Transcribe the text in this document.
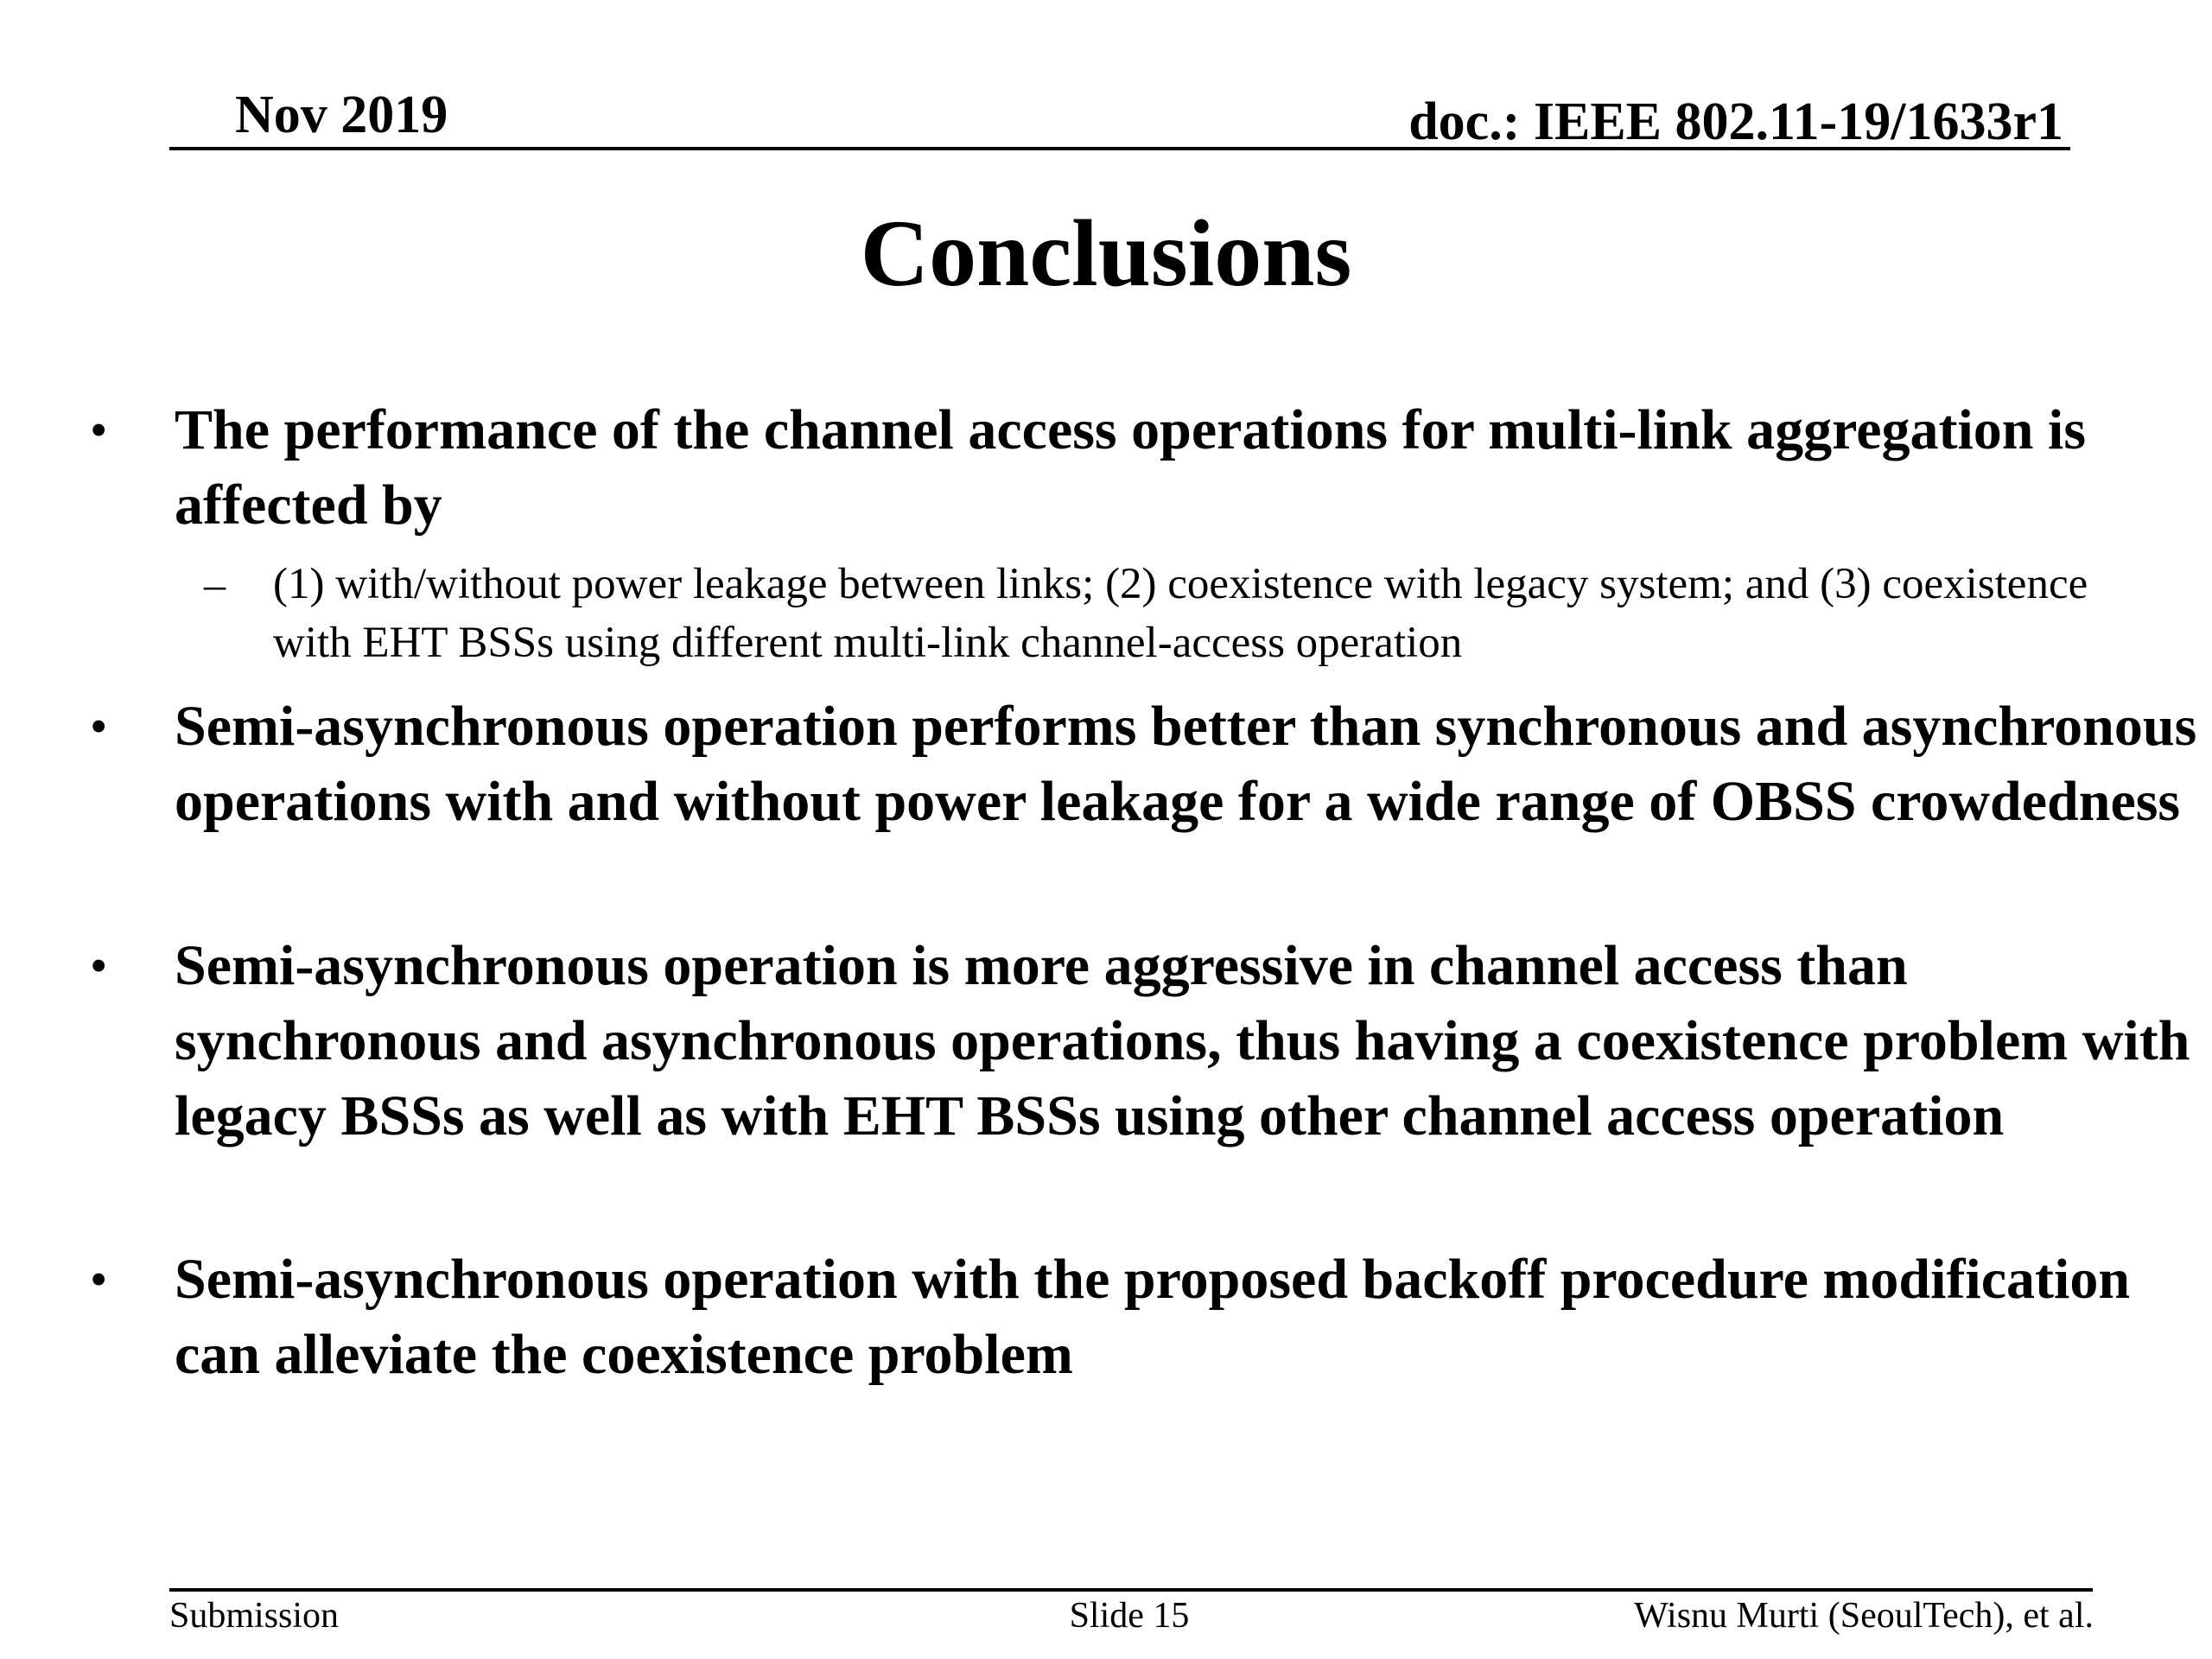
Nov 2019	doc.: IEEE 802.11-19/1633r1
Conclusions
• The performance of the channel access operations for multi-link aggregation is affected by
– (1) with/without power leakage between links; (2) coexistence with legacy system; and (3) coexistence with EHT BSSs using different multi-link channel-access operation
• Semi-asynchronous operation performs better than synchronous and asynchronous operations with and without power leakage for a wide range of OBSS crowdedness
• Semi-asynchronous operation is more aggressive in channel access than synchronous and asynchronous operations, thus having a coexistence problem with legacy BSSs as well as with EHT BSSs using other channel access operation
• Semi-asynchronous operation with the proposed backoff procedure modification can alleviate the coexistence problem
Submission	Slide 15	Wisnu Murti (SeoulTech), et al.
